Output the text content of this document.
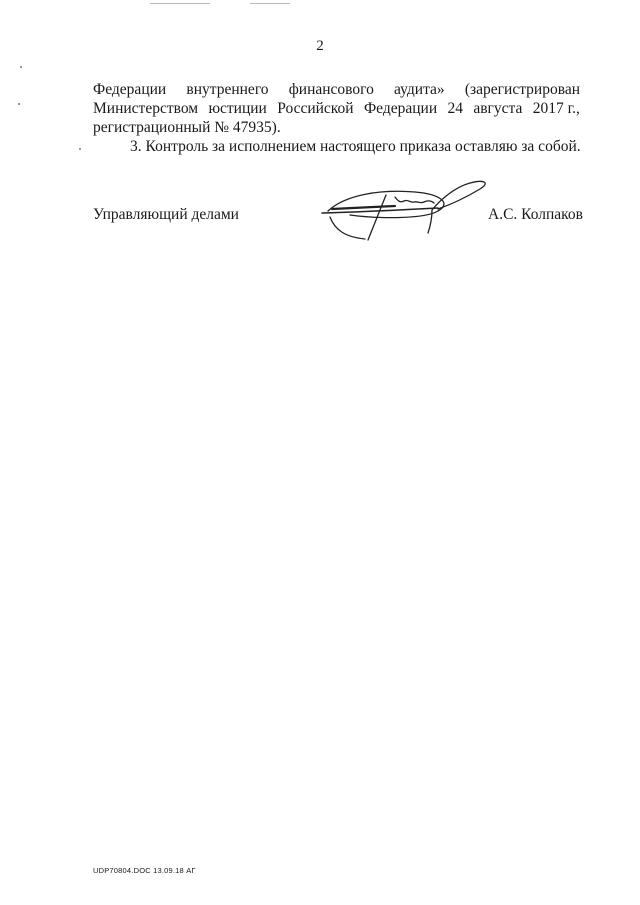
2
Федерации внутреннего финансового аудита» (зарегистрирован
Министерством юстиции Российской Федерации 24 августа 2017 г.,
регистрационный № 47935).
3. Контроль за исполнением настоящего приказа оставляю за собой.
Управляющий делами	А.С. Колпаков
UDP70804.DOC 13.09.18 АГ
